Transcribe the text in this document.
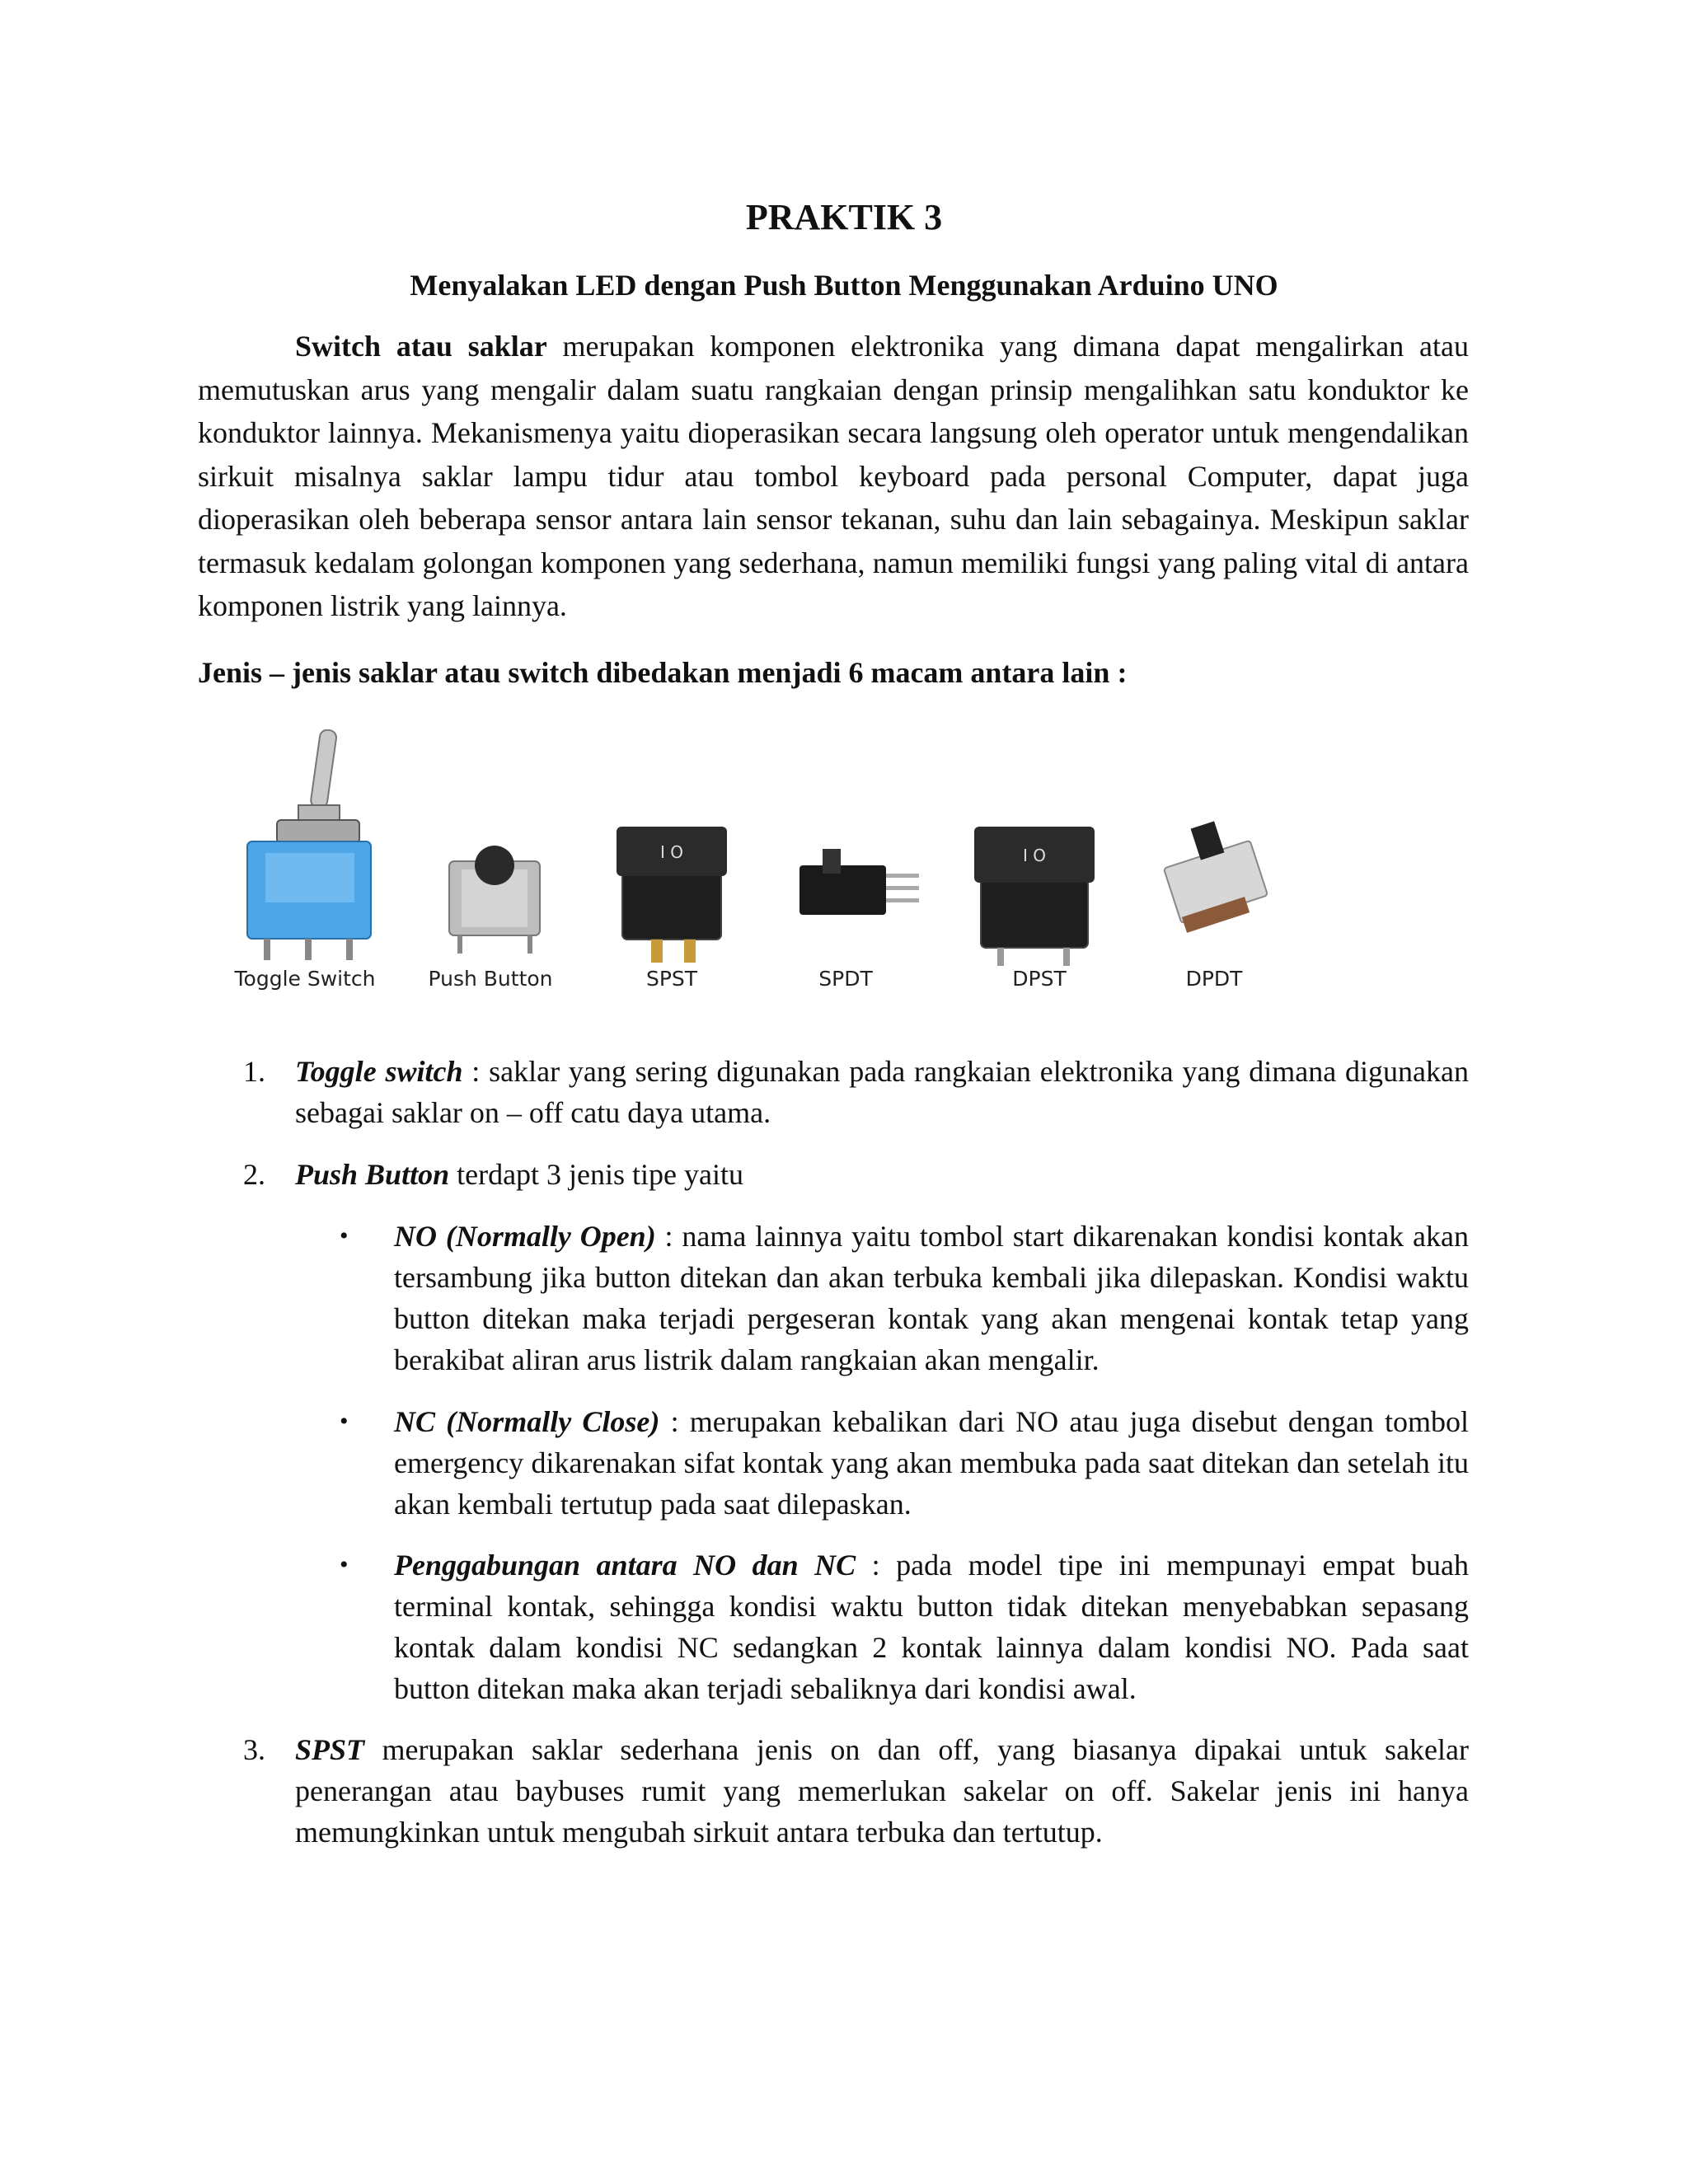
PRAKTIK 3
Menyalakan LED dengan Push Button Menggunakan Arduino UNO

Switch atau saklar merupakan komponen elektronika yang dimana dapat mengalirkan atau memutuskan arus yang mengalir dalam suatu rangkaian dengan prinsip mengalihkan satu konduktor ke konduktor lainnya. Mekanismenya yaitu dioperasikan secara langsung oleh operator untuk mengendalikan sirkuit misalnya saklar lampu tidur atau tombol keyboard pada personal Computer, dapat juga dioperasikan oleh beberapa sensor antara lain sensor tekanan, suhu dan lain sebagainya. Meskipun saklar termasuk kedalam golongan komponen yang sederhana, namun memiliki fungsi yang paling vital di antara komponen listrik yang lainnya.

Jenis – jenis saklar atau switch dibedakan menjadi 6 macam antara lain :

I O	I O
Toggle Switch	Push Button	SPST	SPDT	DPST	DPDT
1.	Toggle switch : saklar yang sering digunakan pada rangkaian elektronika yang dimana digunakan sebagai saklar on – off catu daya utama.
2.	Push Button terdapt 3 jenis tipe yaitu
• NO (Normally Open) : nama lainnya yaitu tombol start dikarenakan kondisi kontak akan tersambung jika button ditekan dan akan terbuka kembali jika dilepaskan. Kondisi waktu button ditekan maka terjadi pergeseran kontak yang akan mengenai kontak tetap yang berakibat aliran arus listrik dalam rangkaian akan mengalir.
• NC (Normally Close) : merupakan kebalikan dari NO atau juga disebut dengan tombol emergency dikarenakan sifat kontak yang akan membuka pada saat ditekan dan setelah itu akan kembali tertutup pada saat dilepaskan.
• Penggabungan antara NO dan NC : pada model tipe ini mempunayi empat buah terminal kontak, sehingga kondisi waktu button tidak ditekan menyebabkan sepasang kontak dalam kondisi NC sedangkan 2 kontak lainnya dalam kondisi NO. Pada saat button ditekan maka akan terjadi sebaliknya dari kondisi awal.
3.	SPST merupakan saklar sederhana jenis on dan off, yang biasanya dipakai untuk sakelar penerangan atau baybuses rumit yang memerlukan sakelar on off. Sakelar jenis ini hanya memungkinkan untuk mengubah sirkuit antara terbuka dan tertutup.
